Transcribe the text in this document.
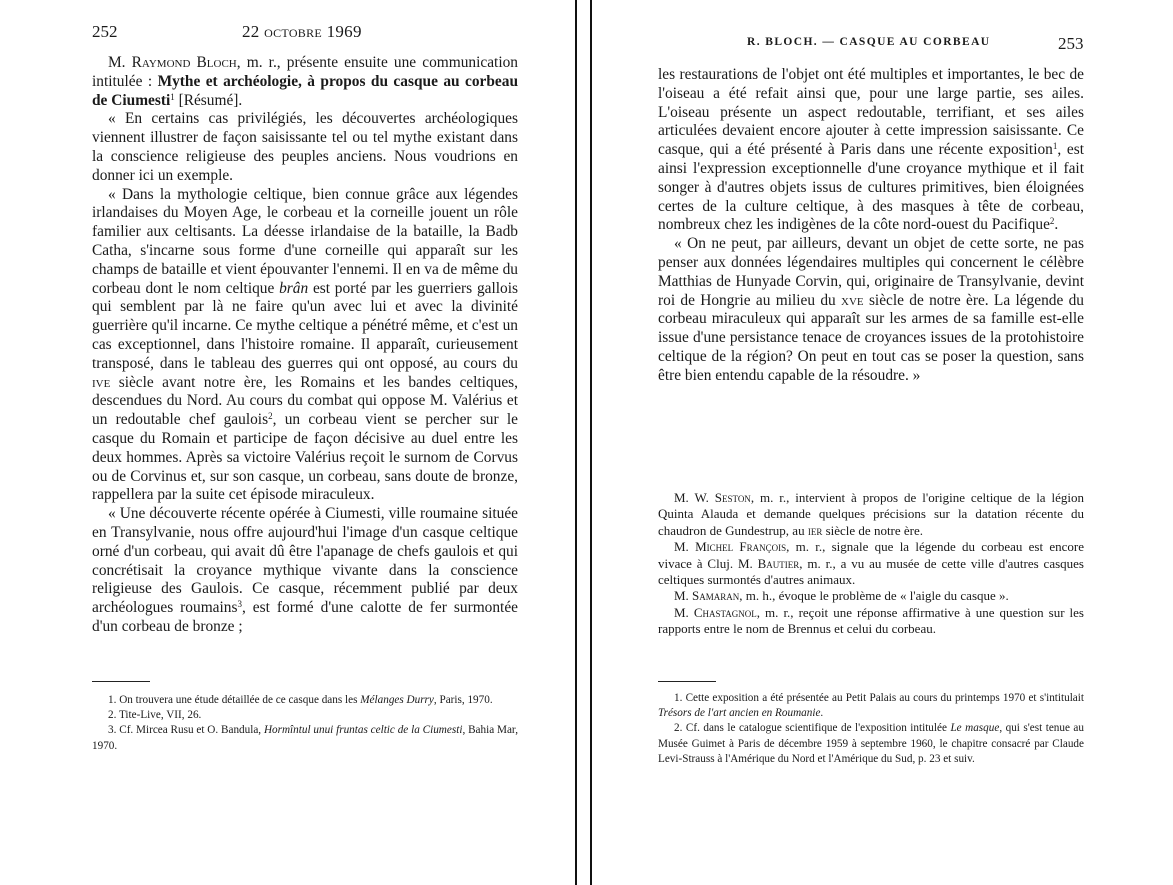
252	22 octobre 1969

M. Raymond Bloch, m. r., présente ensuite une communication intitulée : Mythe et archéologie, à propos du casque au corbeau de Ciumesti$^1$ [Résumé].

« En certains cas privilégiés, les découvertes archéologiques viennent illustrer de façon saisissante tel ou tel mythe existant dans la conscience religieuse des peuples anciens. Nous voudrions en donner ici un exemple.

« Dans la mythologie celtique, bien connue grâce aux légendes irlandaises du Moyen Age, le corbeau et la corneille jouent un rôle familier aux celtisants. La déesse irlandaise de la bataille, la Badb Catha, s'incarne sous forme d'une corneille qui apparaît sur les champs de bataille et vient épouvanter l'ennemi. Il en va de même du corbeau dont le nom celtique brân est porté par les guerriers gallois qui semblent par là ne faire qu'un avec lui et avec la divinité guerrière qu'il incarne. Ce mythe celtique a pénétré même, et c'est un cas exceptionnel, dans l'histoire romaine. Il apparaît, curieusement transposé, dans le tableau des guerres qui ont opposé, au cours du ive siècle avant notre ère, les Romains et les bandes celtiques, descendues du Nord. Au cours du combat qui oppose M. Valérius et un redoutable chef gaulois$^2$, un corbeau vient se percher sur le casque du Romain et participe de façon décisive au duel entre les deux hommes. Après sa victoire Valérius reçoit le surnom de Corvus ou de Corvinus et, sur son casque, un corbeau, sans doute de bronze, rappellera par la suite cet épisode miraculeux.

« Une découverte récente opérée à Ciumesti, ville roumaine située en Transylvanie, nous offre aujourd'hui l'image d'un casque celtique orné d'un corbeau, qui avait dû être l'apanage de chefs gaulois et qui concrétisait la croyance mythique vivante dans la conscience religieuse des Gaulois. Ce casque, récemment publié par deux archéologues roumains$^3$, est formé d'une calotte de fer surmontée d'un corbeau de bronze ;

1. On trouvera une étude détaillée de ce casque dans les Mélanges Durry, Paris, 1970.

2. Tite-Live, VII, 26.

3. Cf. Mircea Rusu et O. Bandula, Hormîntul unui fruntas celtic de la Ciumesti, Bahia Mar, 1970.

R. BLOCH. — CASQUE AU CORBEAU	253

les restaurations de l'objet ont été multiples et importantes, le bec de l'oiseau a été refait ainsi que, pour une large partie, ses ailes. L'oiseau présente un aspect redoutable, terrifiant, et ses ailes articulées devaient encore ajouter à cette impression saisissante. Ce casque, qui a été présenté à Paris dans une récente exposition$^1$, est ainsi l'expression exceptionnelle d'une croyance mythique et il fait songer à d'autres objets issus de cultures primitives, bien éloignées certes de la culture celtique, à des masques à tête de corbeau, nombreux chez les indigènes de la côte nord-ouest du Pacifique$^2$.

« On ne peut, par ailleurs, devant un objet de cette sorte, ne pas penser aux données légendaires multiples qui concernent le célèbre Matthias de Hunyade Corvin, qui, originaire de Transylvanie, devint roi de Hongrie au milieu du xve siècle de notre ère. La légende du corbeau miraculeux qui apparaît sur les armes de sa famille est-elle issue d'une persistance tenace de croyances issues de la protohistoire celtique de la région? On peut en tout cas se poser la question, sans être bien entendu capable de la résoudre. »

M. W. Seston, m. r., intervient à propos de l'origine celtique de la légion Quinta Alauda et demande quelques précisions sur la datation récente du chaudron de Gundestrup, au ier siècle de notre ère.

M. Michel François, m. r., signale que la légende du corbeau est encore vivace à Cluj. M. Bautier, m. r., a vu au musée de cette ville d'autres casques celtiques surmontés d'autres animaux.

M. Samaran, m. h., évoque le problème de « l'aigle du casque ».

M. Chastagnol, m. r., reçoit une réponse affirmative à une question sur les rapports entre le nom de Brennus et celui du corbeau.

1. Cette exposition a été présentée au Petit Palais au cours du printemps 1970 et s'intitulait Trésors de l'art ancien en Roumanie.

2. Cf. dans le catalogue scientifique de l'exposition intitulée Le masque, qui s'est tenue au Musée Guimet à Paris de décembre 1959 à septembre 1960, le chapitre consacré par Claude Levi-Strauss à l'Amérique du Nord et l'Amérique du Sud, p. 23 et suiv.
